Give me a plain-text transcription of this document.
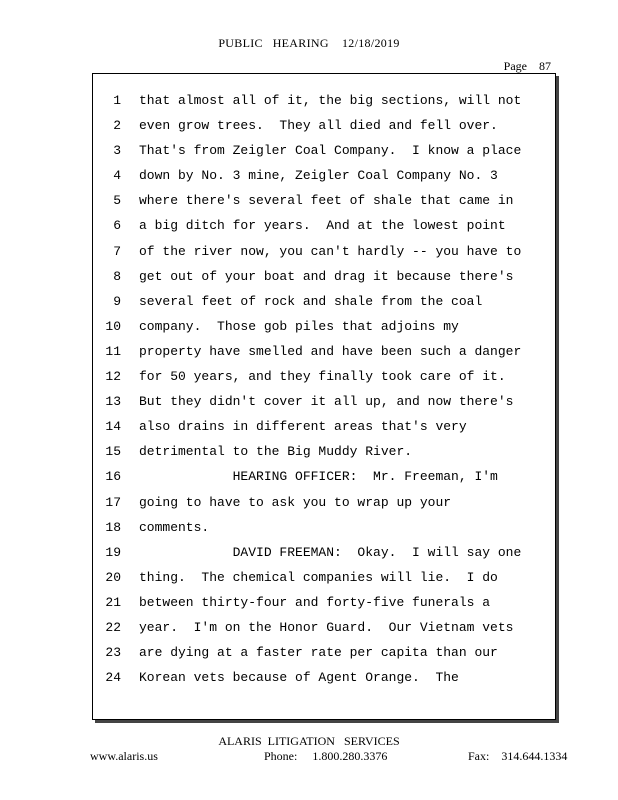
PUBLIC   HEARING    12/18/2019
Page    87
1 that almost all of it, the big sections, will not
2 even grow trees.  They all died and fell over.
3 That's from Zeigler Coal Company.  I know a place
4 down by No. 3 mine, Zeigler Coal Company No. 3
5 where there's several feet of shale that came in
6 a big ditch for years.  And at the lowest point
7 of the river now, you can't hardly -- you have to
8 get out of your boat and drag it because there's
9 several feet of rock and shale from the coal
10 company.  Those gob piles that adjoins my
11 property have smelled and have been such a danger
12 for 50 years, and they finally took care of it.
13 But they didn't cover it all up, and now there's
14 also drains in different areas that's very
15 detrimental to the Big Muddy River.
16 HEARING OFFICER:  Mr. Freeman, I'm
17 going to have to ask you to wrap up your
18 comments.
19 DAVID FREEMAN:  Okay.  I will say one
20 thing.  The chemical companies will lie.  I do
21 between thirty-four and forty-five funerals a
22 year.  I'm on the Honor Guard.  Our Vietnam vets
23 are dying at a faster rate per capita than our
24 Korean vets because of Agent Orange.  The
ALARIS  LITIGATION   SERVICES
www.alaris.us	Phone:     1.800.280.3376	Fax:    314.644.1334
